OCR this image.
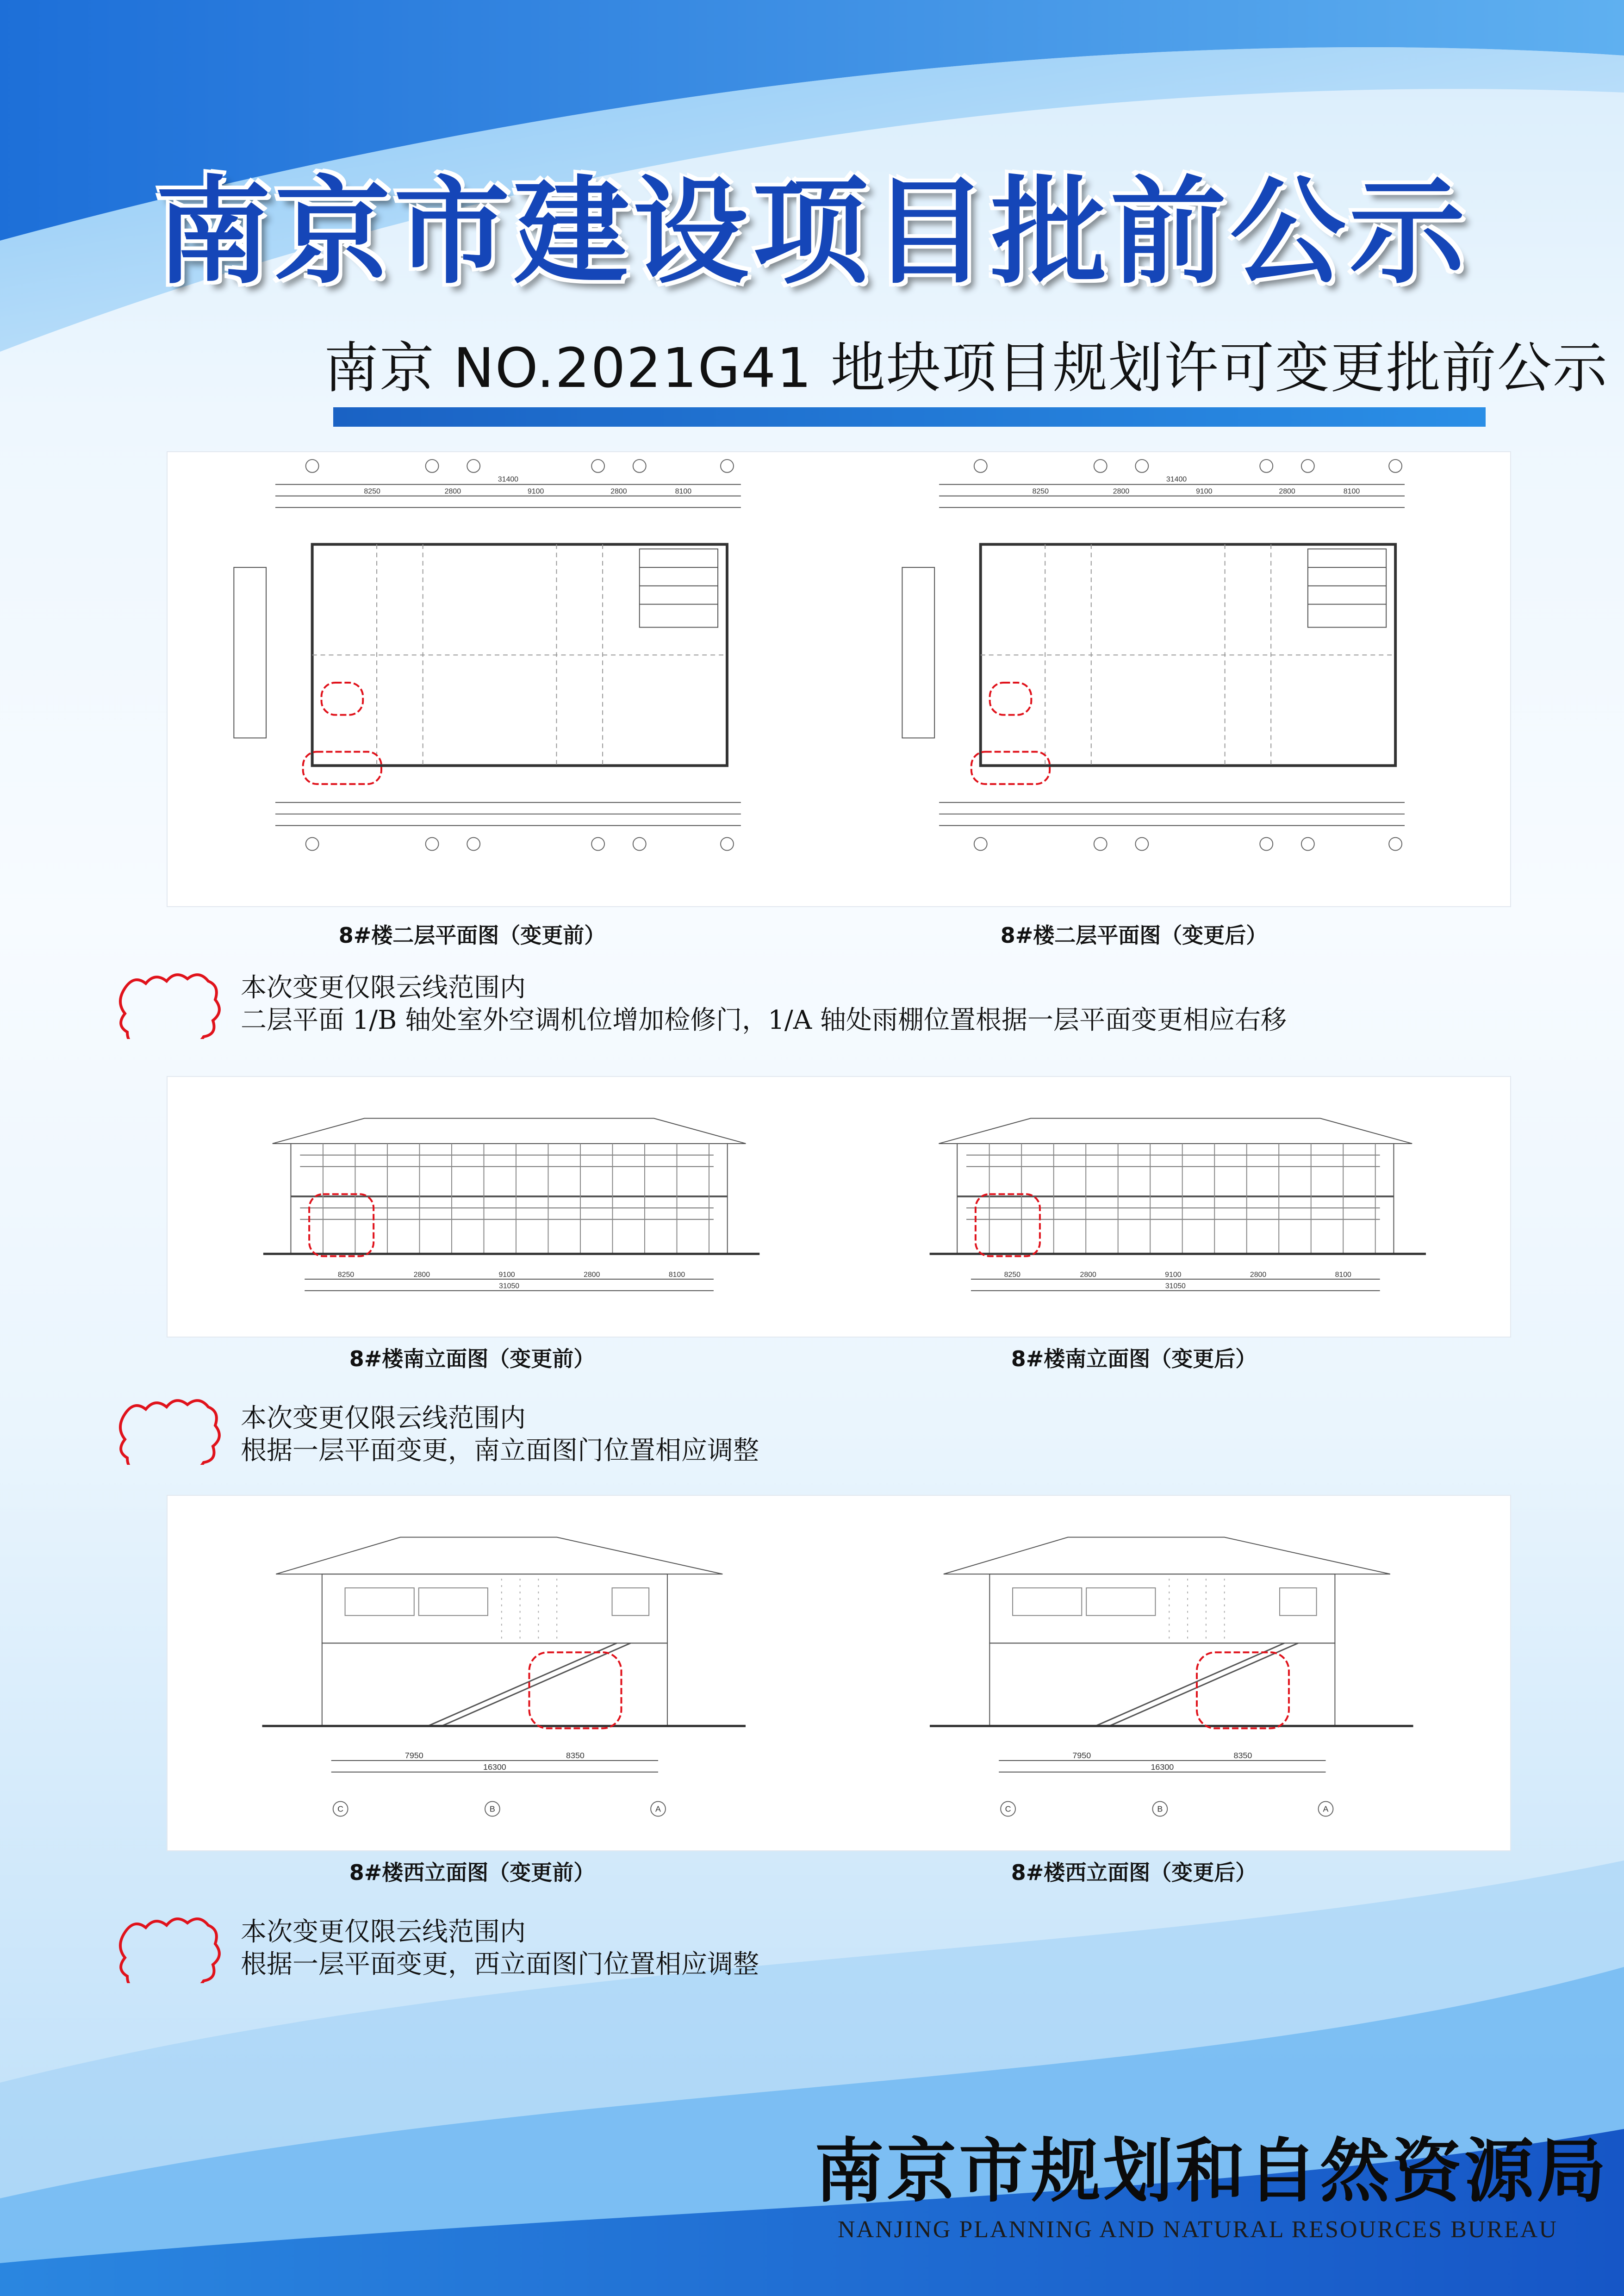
南京市建设项目批前公示
南京 NO.2021G41 地块项目规划许可变更批前公示
31400
8250	2800	9100	2800	8100
31400
8250	2800	9100	2800	8100
8#楼二层平面图（变更前）	8#楼二层平面图（变更后）
本次变更仅限云线范围内
二层平面 1/B 轴处室外空调机位增加检修门，1/A 轴处雨棚位置根据一层平面变更相应右移
8250	2800	9100	2800	8100
31050
8250	2800	9100	2800	8100
31050
8#楼南立面图（变更前）	8#楼南立面图（变更后）
本次变更仅限云线范围内
根据一层平面变更，南立面图门位置相应调整
7950	8350
16300
C	B	A
7950	8350
16300
C	B	A
8#楼西立面图（变更前）	8#楼西立面图（变更后）
本次变更仅限云线范围内
根据一层平面变更，西立面图门位置相应调整
南京市规划和自然资源局
NANJING PLANNING AND NATURAL RESOURCES BUREAU
